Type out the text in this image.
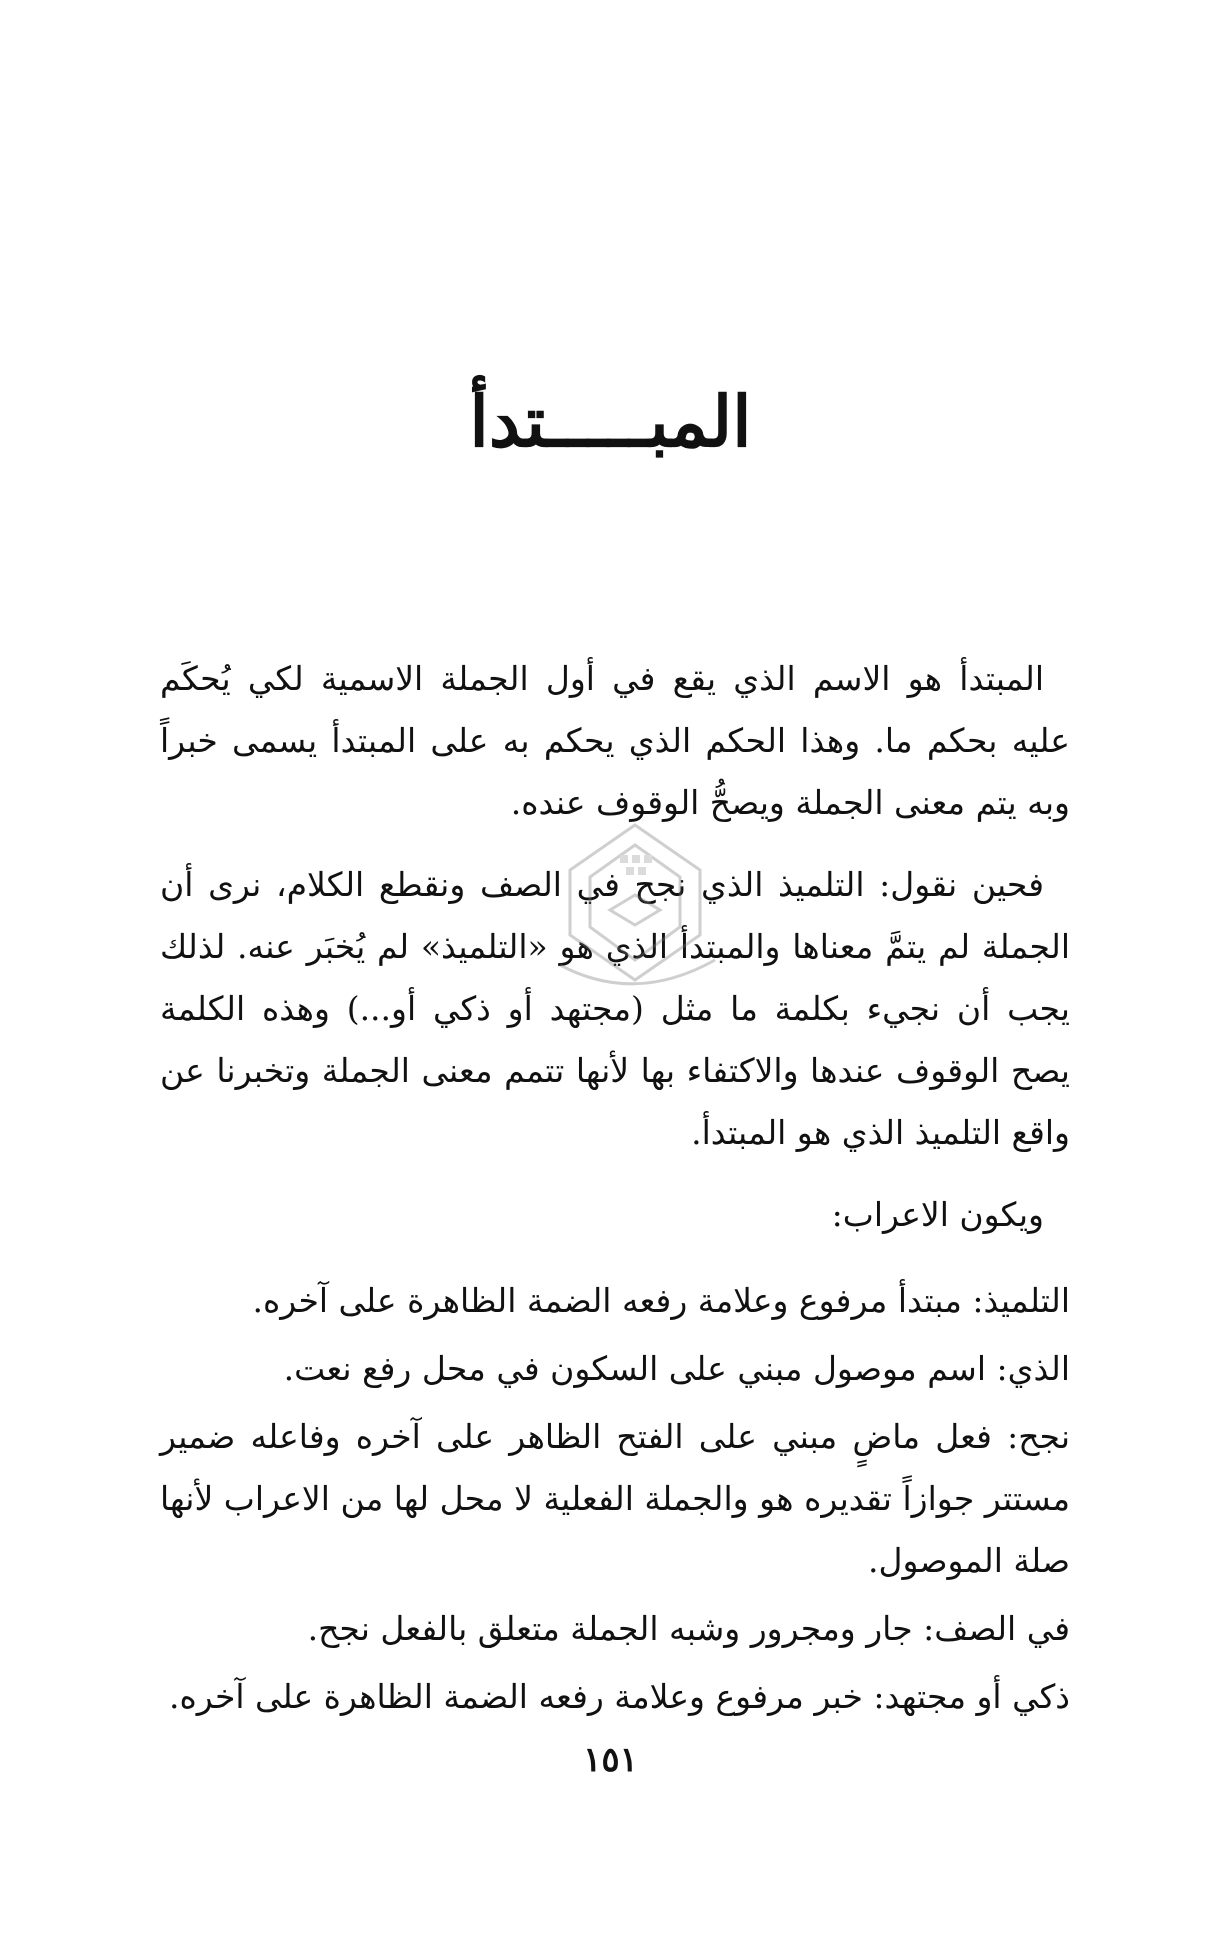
المبـــــتدأ

المبتدأ هو الاسم الذي يقع في أول الجملة الاسمية لكي يُحكَم عليه بحكم ما. وهذا الحكم الذي يحكم به على المبتدأ يسمى خبراً وبه يتم معنى الجملة ويصحُّ الوقوف عنده.

فحين نقول: التلميذ الذي نجح في الصف ونقطع الكلام، نرى أن الجملة لم يتمَّ معناها والمبتدأ الذي هو «التلميذ» لم يُخبَر عنه. لذلك يجب أن نجيء بكلمة ما مثل (مجتهد أو ذكي أو...) وهذه الكلمة يصح الوقوف عندها والاكتفاء بها لأنها تتمم معنى الجملة وتخبرنا عن واقع التلميذ الذي هو المبتدأ.

ويكون الاعراب:

التلميذ: مبتدأ مرفوع وعلامة رفعه الضمة الظاهرة على آخره.

الذي: اسم موصول مبني على السكون في محل رفع نعت.

نجح: فعل ماضٍ مبني على الفتح الظاهر على آخره وفاعله ضمير مستتر جوازاً تقديره هو والجملة الفعلية لا محل لها من الاعراب لأنها صلة الموصول.

في الصف: جار ومجرور وشبه الجملة متعلق بالفعل نجح.

ذكي أو مجتهد: خبر مرفوع وعلامة رفعه الضمة الظاهرة على آخره.

١٥١
